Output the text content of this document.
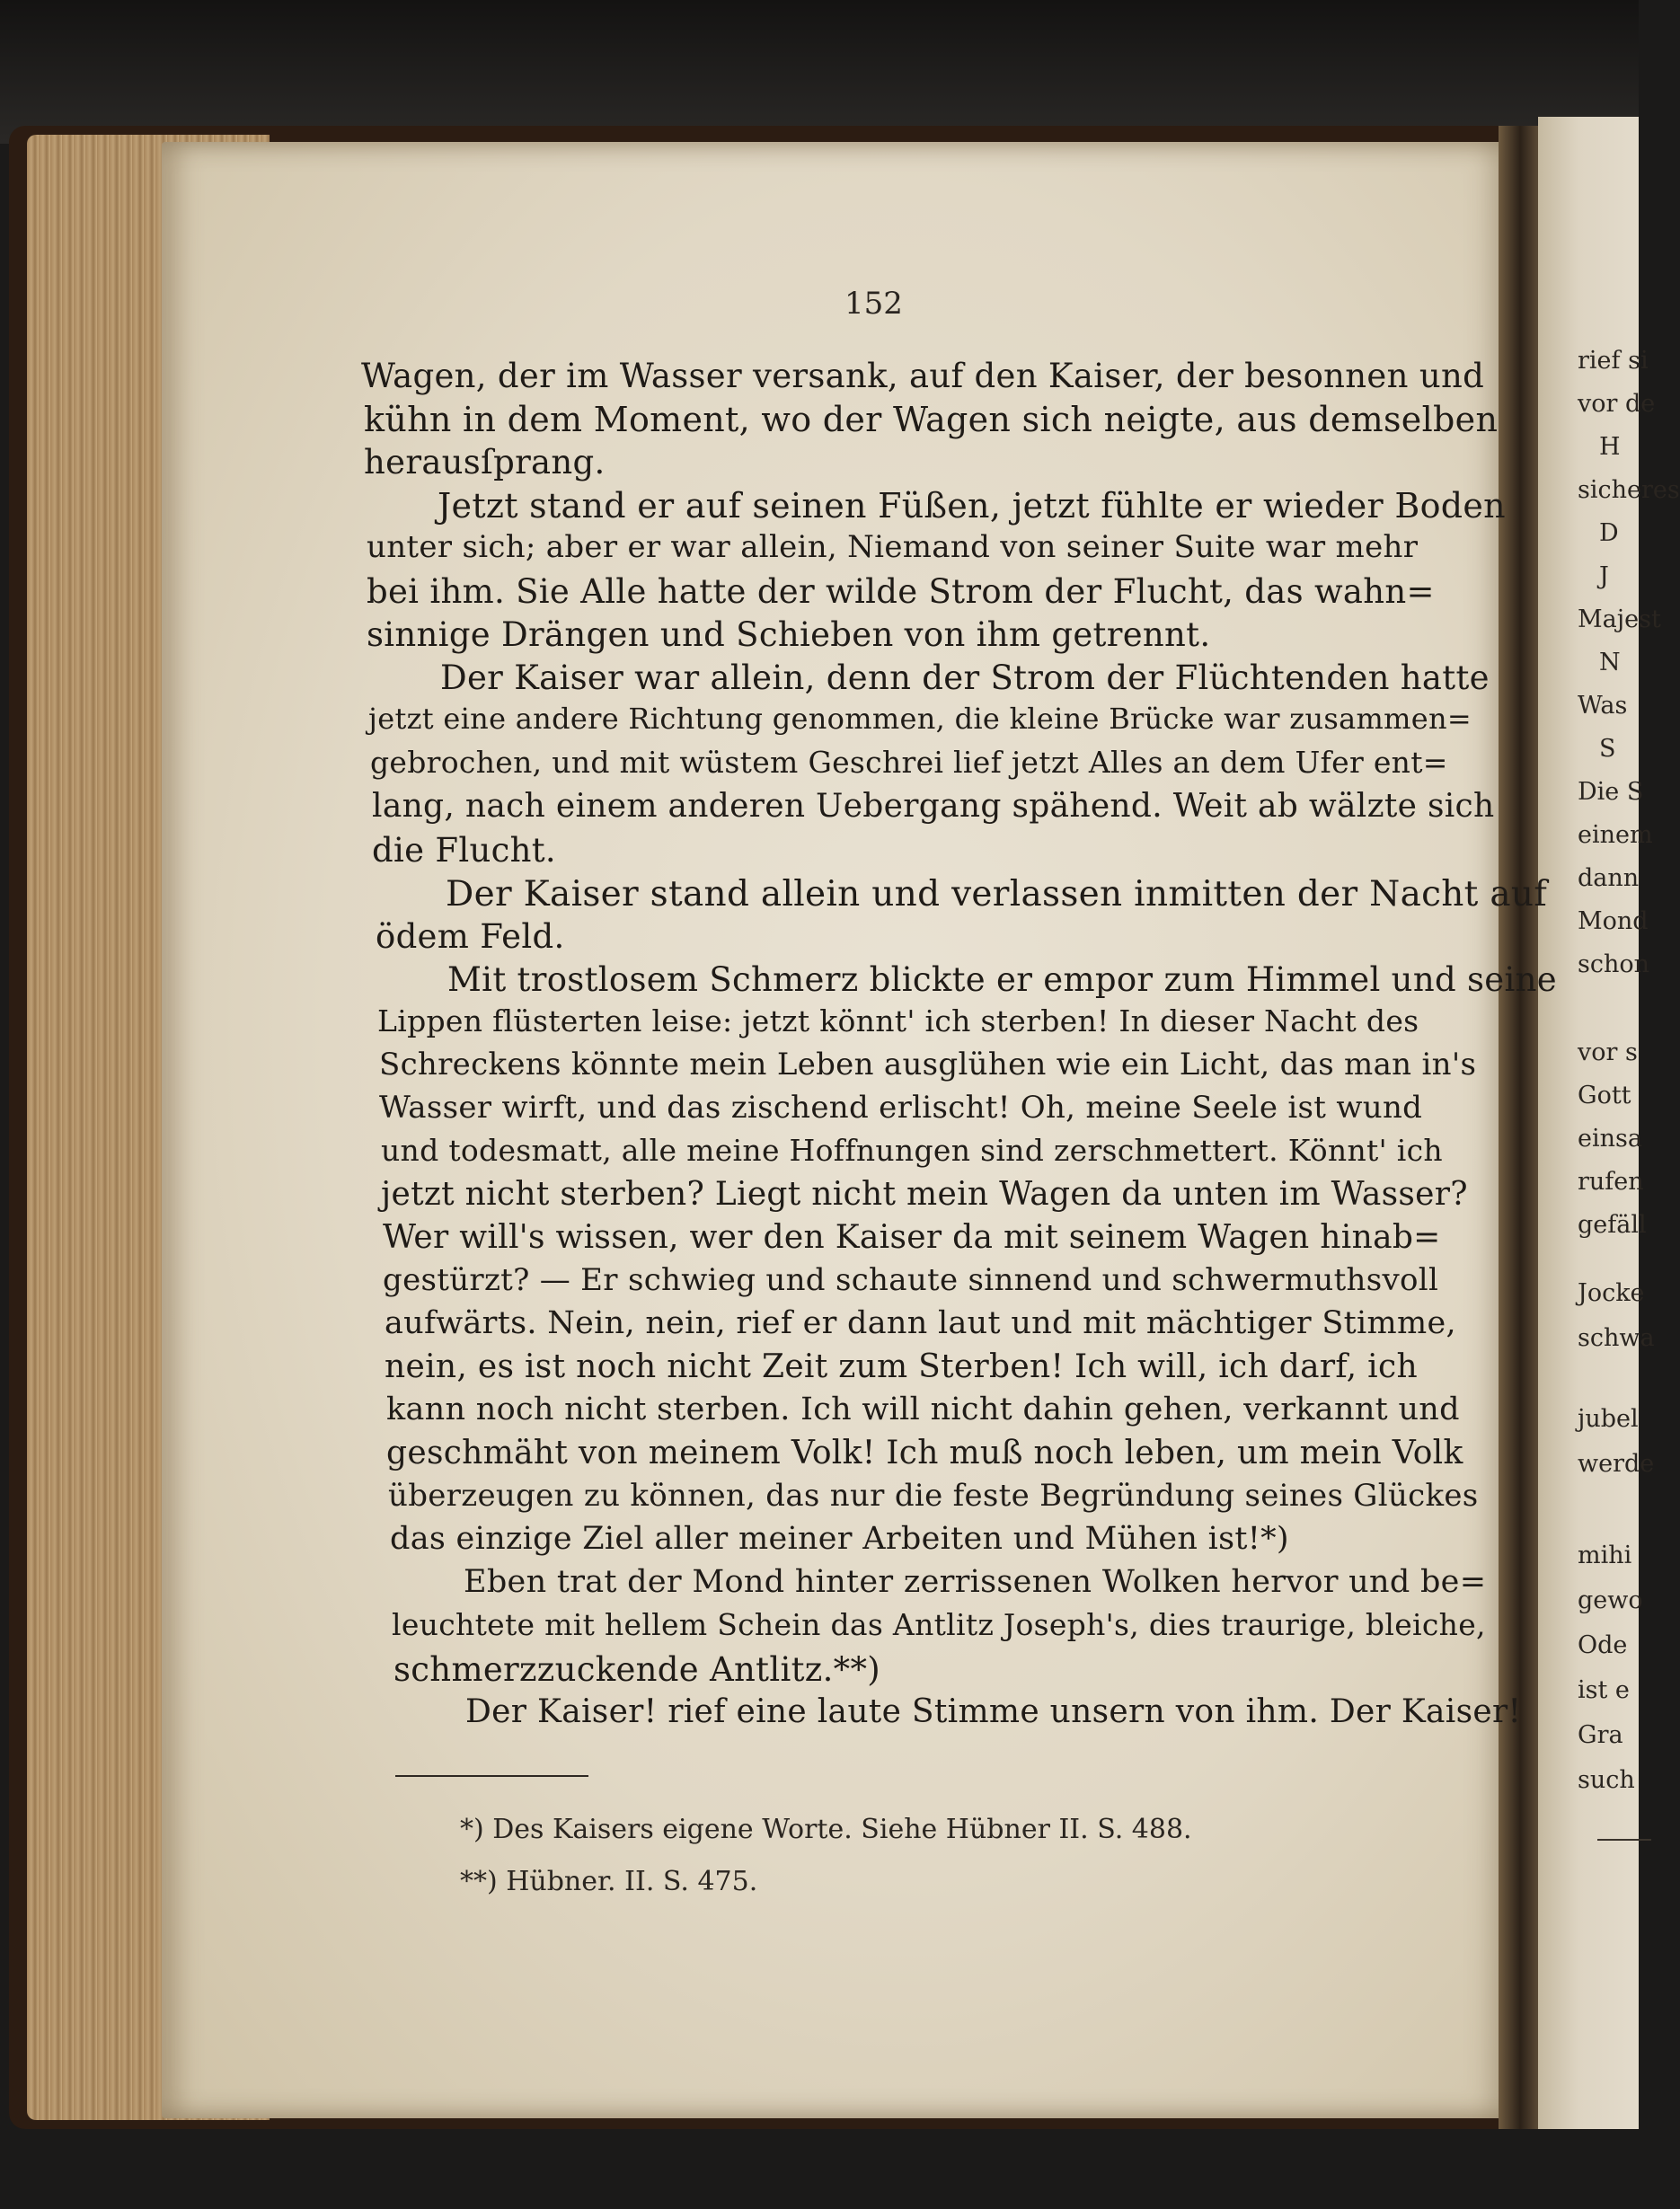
rief si
vor de
H
sicheres
D
J
Majest
N
Was
S
Die S
einem
dann
Mond
schon
vor s
Gott
einsa
rufen
gefäll
Jocke
schwa
jubel
werde
mihi
gewo
Ode
ist e
Gra
such
152
Wagen, der im Wasser versank, auf den Kaiser, der besonnen und
kühn in dem Moment, wo der Wagen sich neigte, aus demselben
herausſprang.
Jetzt stand er auf seinen Füßen, jetzt fühlte er wieder Boden
unter sich; aber er war allein, Niemand von seiner Suite war mehr
bei ihm. Sie Alle hatte der wilde Strom der Flucht, das wahn=
sinnige Drängen und Schieben von ihm getrennt.
Der Kaiser war allein, denn der Strom der Flüchtenden hatte
jetzt eine andere Richtung genommen, die kleine Brücke war zusammen=
gebrochen, und mit wüstem Geschrei lief jetzt Alles an dem Ufer ent=
lang, nach einem anderen Uebergang spähend. Weit ab wälzte sich
die Flucht.
Der Kaiser stand allein und verlassen inmitten der Nacht auf
ödem Feld.
Mit trostlosem Schmerz blickte er empor zum Himmel und seine
Lippen flüsterten leise: jetzt könnt' ich sterben! In dieser Nacht des
Schreckens könnte mein Leben ausglühen wie ein Licht, das man in's
Wasser wirft, und das zischend erlischt! Oh, meine Seele ist wund
und todesmatt, alle meine Hoffnungen sind zerschmettert. Könnt' ich
jetzt nicht sterben? Liegt nicht mein Wagen da unten im Wasser?
Wer will's wissen, wer den Kaiser da mit seinem Wagen hinab=
gestürzt? — Er schwieg und schaute sinnend und schwermuthsvoll
aufwärts. Nein, nein, rief er dann laut und mit mächtiger Stimme,
nein, es ist noch nicht Zeit zum Sterben! Ich will, ich darf, ich
kann noch nicht sterben. Ich will nicht dahin gehen, verkannt und
geschmäht von meinem Volk! Ich muß noch leben, um mein Volk
überzeugen zu können, das nur die feste Begründung seines Glückes
das einzige Ziel aller meiner Arbeiten und Mühen ist!*)
Eben trat der Mond hinter zerrissenen Wolken hervor und be=
leuchtete mit hellem Schein das Antlitz Joseph's, dies traurige, bleiche,
schmerzzuckende Antlitz.**)
Der Kaiser! rief eine laute Stimme unsern von ihm. Der Kaiser!
*) Des Kaisers eigene Worte. Siehe Hübner II. S. 488.
**) Hübner. II. S. 475.
